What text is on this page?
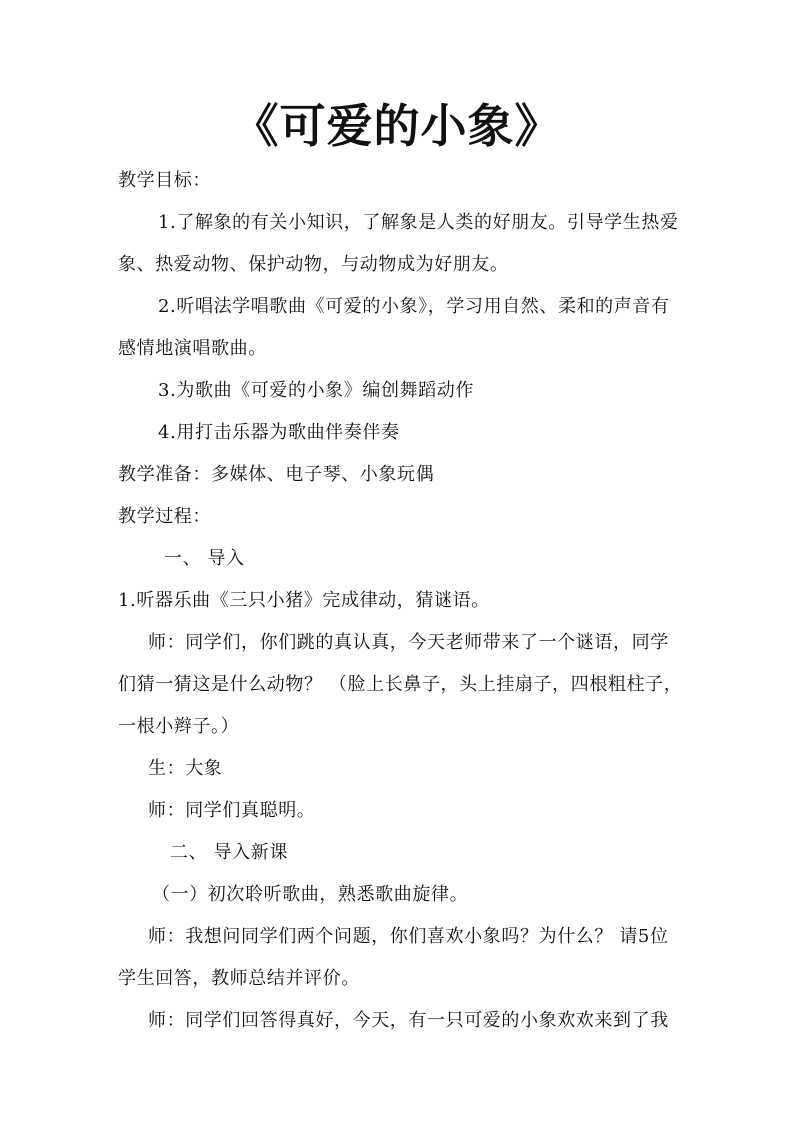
《可爱的小象》
教学目标：
1.了解象的有关小知识，了解象是人类的好朋友。引导学生热爱
象、热爱动物、保护动物，与动物成为好朋友。
2.听唱法学唱歌曲《可爱的小象》，学习用自然、柔和的声音有
感情地演唱歌曲。
3.为歌曲《可爱的小象》编创舞蹈动作
4.用打击乐器为歌曲伴奏伴奏
教学准备：多媒体、电子琴、小象玩偶
教学过程：
一、 导入
1.听器乐曲《三只小猪》完成律动，猜谜语。
师：同学们，你们跳的真认真，今天老师带来了一个谜语，同学
们猜一猜这是什么动物？ （脸上长鼻子，头上挂扇子，四根粗柱子，
一根小辫子。）
生：大象
师：同学们真聪明。
二、 导入新课
（一）初次聆听歌曲，熟悉歌曲旋律。
师：我想问同学们两个问题，你们喜欢小象吗？为什么？ 请5位
学生回答，教师总结并评价。
师：同学们回答得真好，今天，有一只可爱的小象欢欢来到了我
